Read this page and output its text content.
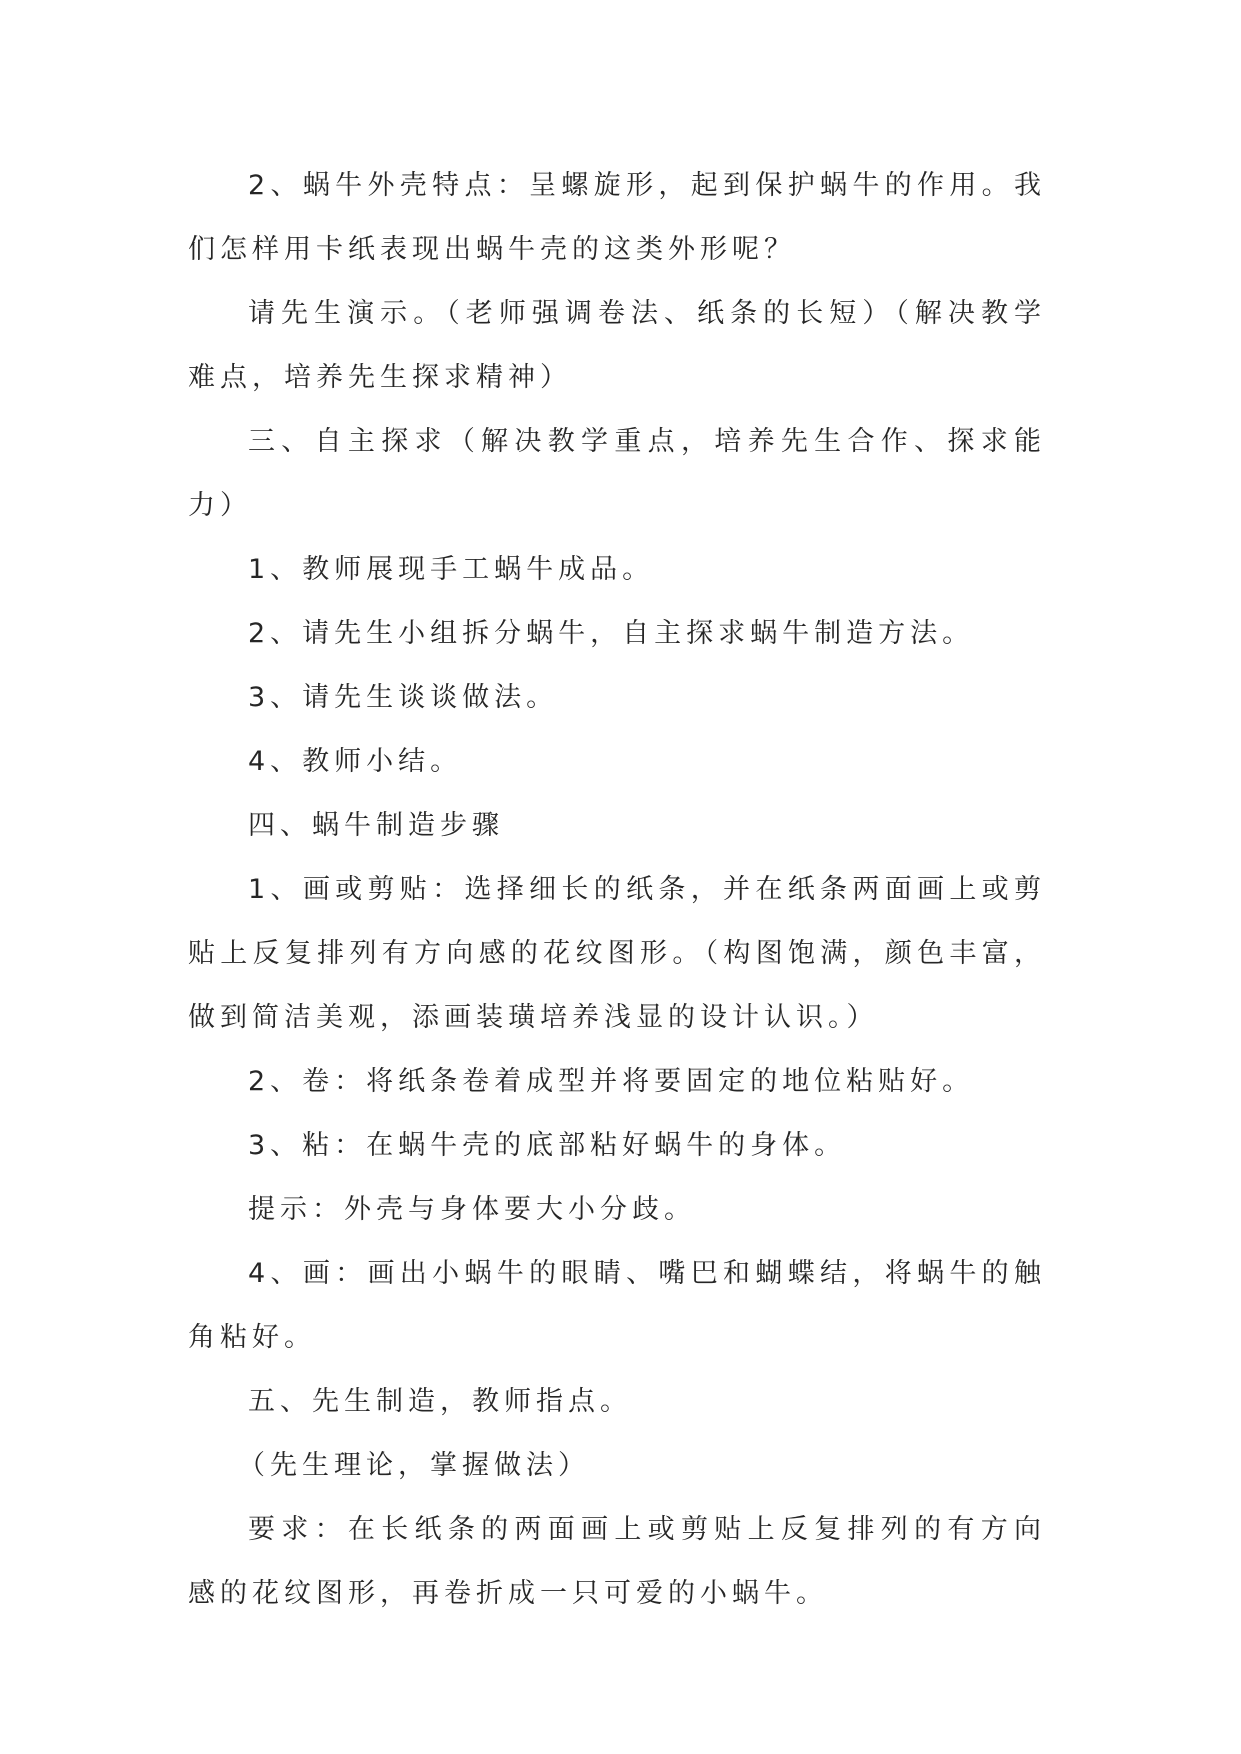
2、蜗牛外壳特点：呈螺旋形，起到保护蜗牛的作用。我们怎样用卡纸表现出蜗牛壳的这类外形呢？

请先生演示。（老师强调卷法、纸条的长短）（解决教学难点，培养先生探求精神）

三、自主探求（解决教学重点，培养先生合作、探求能力）

1、教师展现手工蜗牛成品。

2、请先生小组拆分蜗牛，自主探求蜗牛制造方法。

3、请先生谈谈做法。

4、教师小结。

四、蜗牛制造步骤

1、画或剪贴：选择细长的纸条，并在纸条两面画上或剪贴上反复排列有方向感的花纹图形。（构图饱满，颜色丰富，做到简洁美观，添画装璜培养浅显的设计认识。）

2、卷：将纸条卷着成型并将要固定的地位粘贴好。

3、粘：在蜗牛壳的底部粘好蜗牛的身体。

提示：外壳与身体要大小分歧。

4、画：画出小蜗牛的眼睛、嘴巴和蝴蝶结，将蜗牛的触角粘好。

五、先生制造，教师指点。

（先生理论，掌握做法）

要求：在长纸条的两面画上或剪贴上反复排列的有方向感的花纹图形，再卷折成一只可爱的小蜗牛。
